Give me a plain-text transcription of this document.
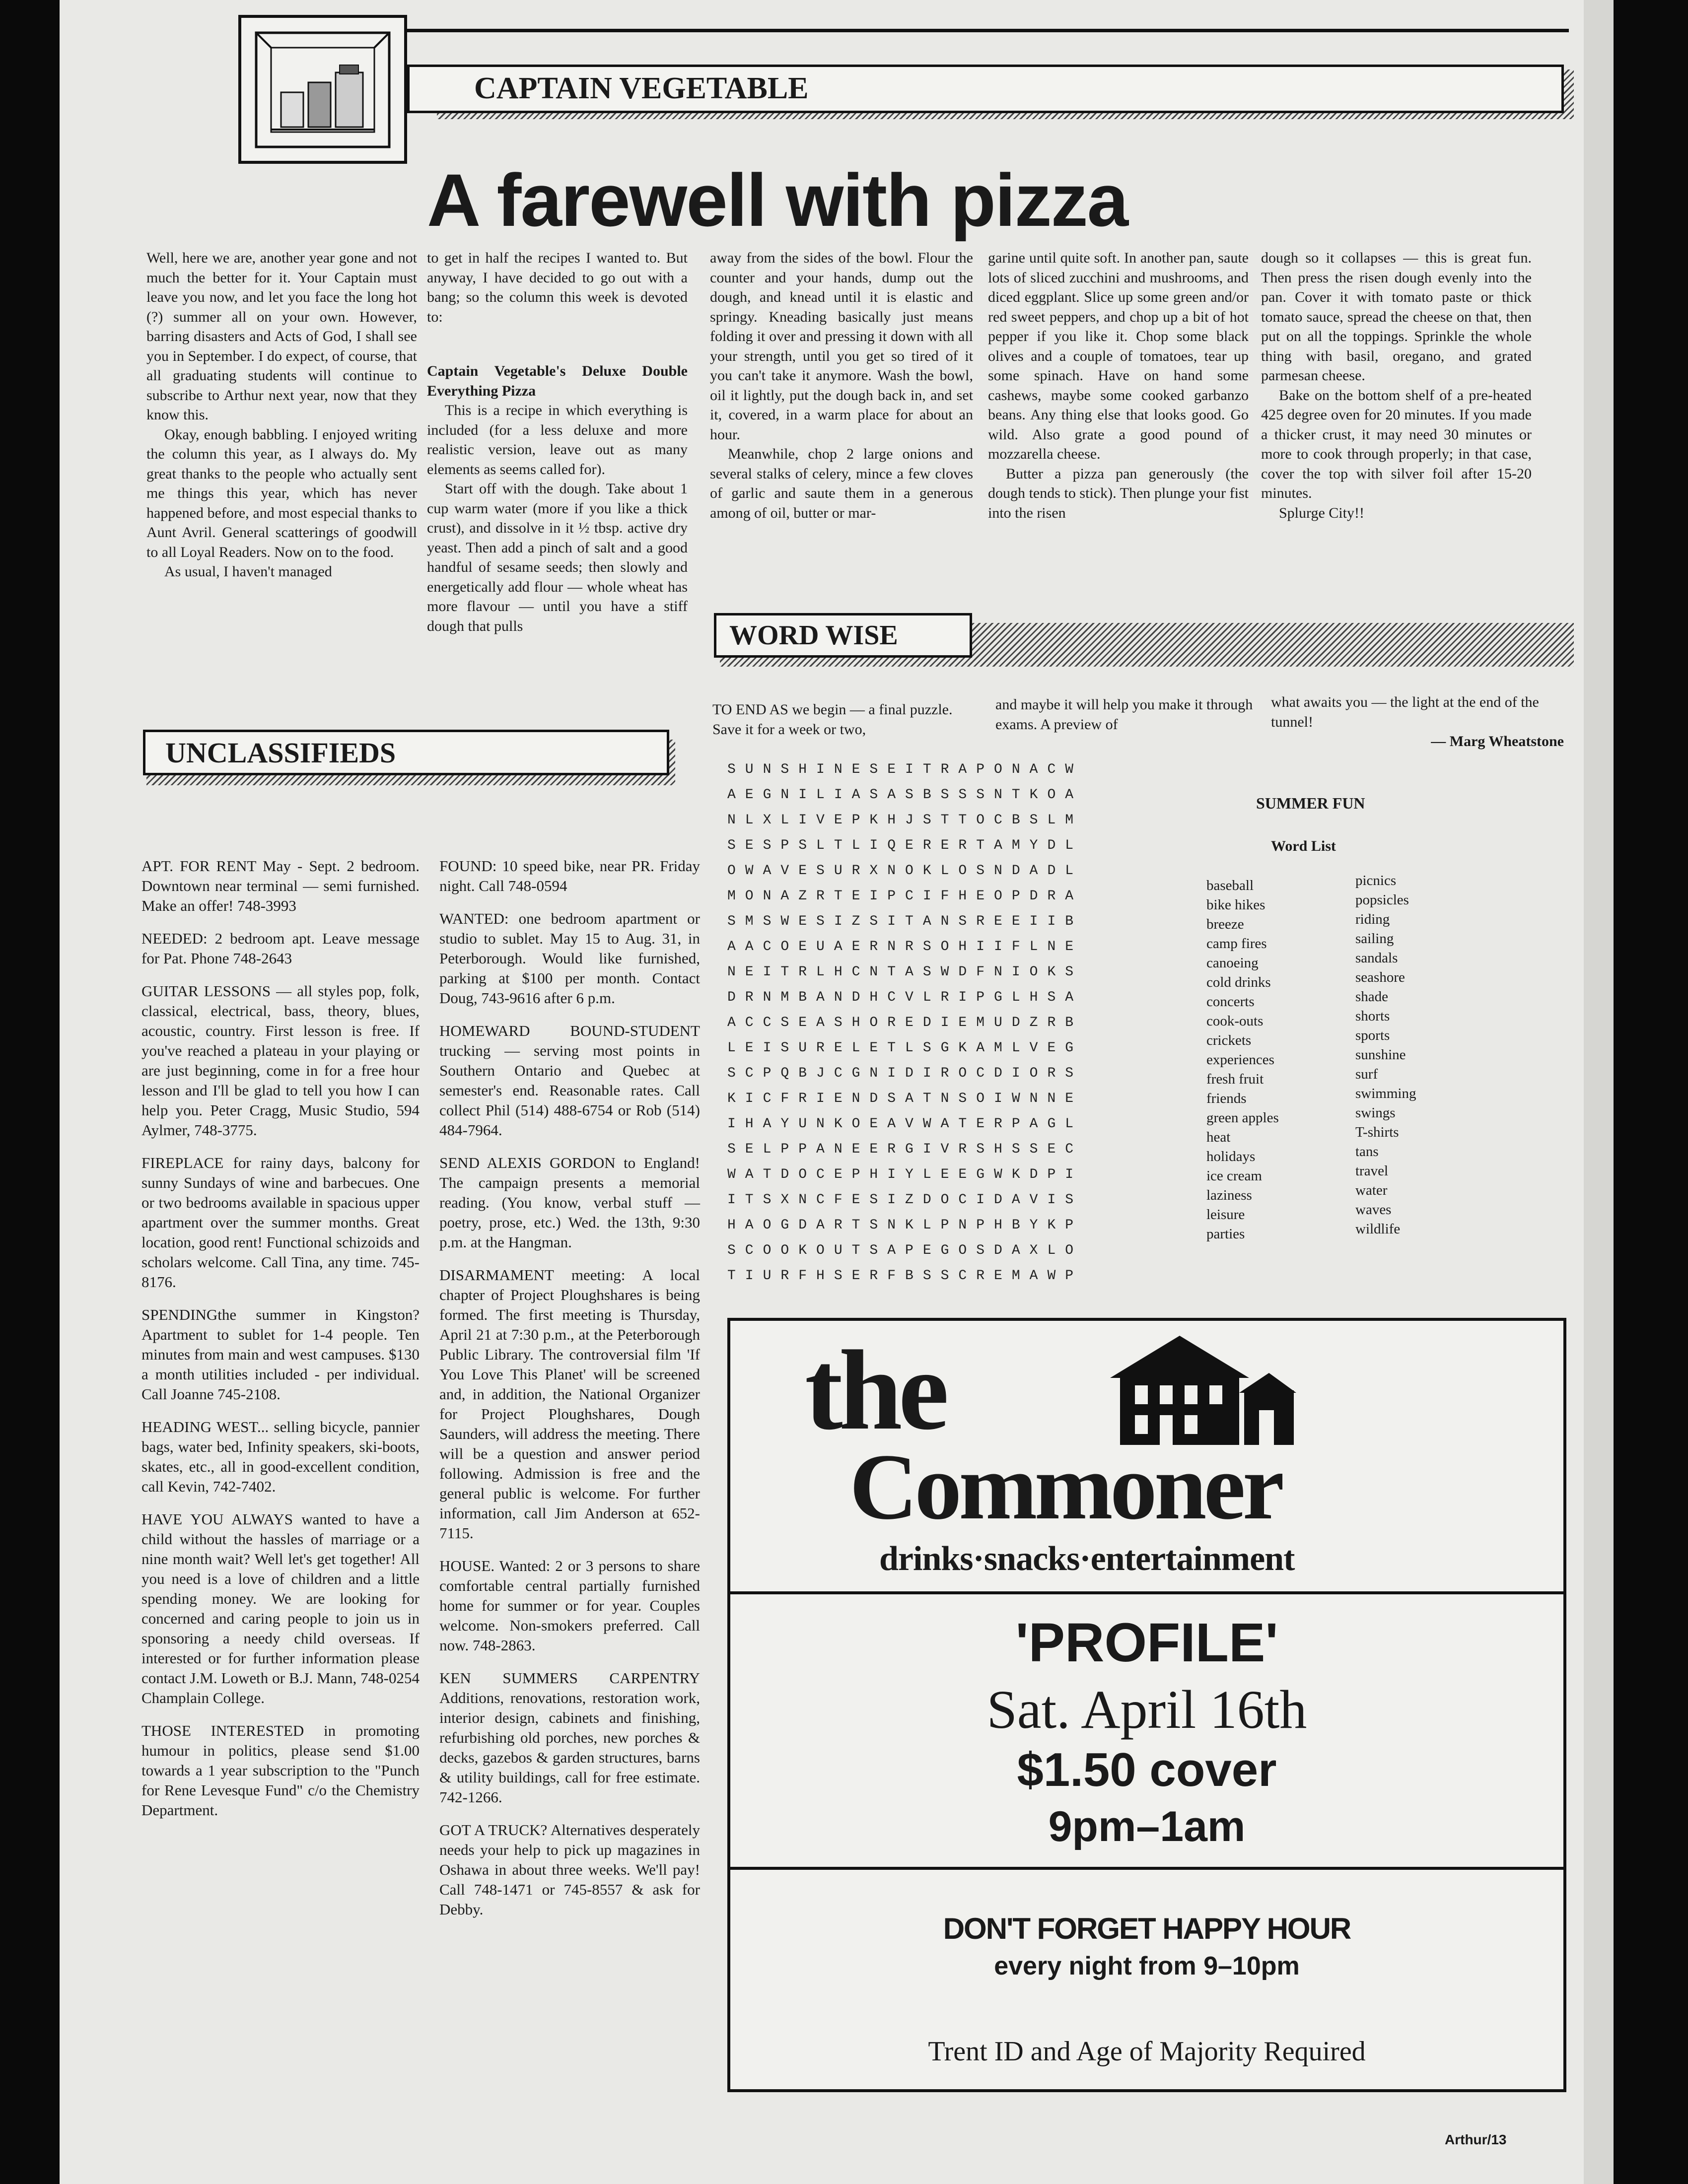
CAPTAIN VEGETABLE
A farewell with pizza

Well, here we are, another year gone and not much the better for it. Your Captain must leave you now, and let you face the long hot (?) summer all on your own. However, barring disasters and Acts of God, I shall see you in September. I do expect, of course, that all graduating students will continue to subscribe to Arthur next year, now that they know this.

Okay, enough babbling. I enjoyed writing the column this year, as I always do. My great thanks to the people who actually sent me things this year, which has never happened before, and most especial thanks to Aunt Avril. General scatterings of goodwill to all Loyal Readers. Now on to the food.

As usual, I haven't managed

to get in half the recipes I wanted to. But anyway, I have decided to go out with a bang; so the column this week is devoted to:

Captain Vegetable's Deluxe Double Everything Pizza

This is a recipe in which everything is included (for a less deluxe and more realistic version, leave out as many elements as seems called for).

Start off with the dough. Take about 1 cup warm water (more if you like a thick crust), and dissolve in it ½ tbsp. active dry yeast. Then add a pinch of salt and a good handful of sesame seeds; then slowly and energetically add flour — whole wheat has more flavour — until you have a stiff dough that pulls

away from the sides of the bowl. Flour the counter and your hands, dump out the dough, and knead until it is elastic and springy. Kneading basically just means folding it over and pressing it down with all your strength, until you get so tired of it you can't take it anymore. Wash the bowl, oil it lightly, put the dough back in, and set it, covered, in a warm place for about an hour.

Meanwhile, chop 2 large onions and several stalks of celery, mince a few cloves of garlic and saute them in a generous among of oil, butter or mar-

garine until quite soft. In another pan, saute lots of sliced zucchini and mushrooms, and diced eggplant. Slice up some green and/or red sweet peppers, and chop up a bit of hot pepper if you like it. Chop some black olives and a couple of tomatoes, tear up some spinach. Have on hand some cashews, maybe some cooked garbanzo beans. Any thing else that looks good. Go wild. Also grate a good pound of mozzarella cheese.

Butter a pizza pan generously (the dough tends to stick). Then plunge your fist into the risen

dough so it collapses — this is great fun. Then press the risen dough evenly into the pan. Cover it with tomato paste or thick tomato sauce, spread the cheese on that, then put on all the toppings. Sprinkle the whole thing with basil, oregano, and grated parmesan cheese.

Bake on the bottom shelf of a pre-heated 425 degree oven for 20 minutes. If you made a thicker crust, it may need 30 minutes or more to cook through properly; in that case, cover the top with silver foil after 15-20 minutes.

Splurge City!!

WORD WISE
UNCLASSIFIEDS

APT. FOR RENT May - Sept. 2 bedroom. Downtown near terminal — semi furnished. Make an offer! 748-3993

NEEDED: 2 bedroom apt. Leave message for Pat. Phone 748-2643

GUITAR LESSONS — all styles pop, folk, classical, electrical, bass, theory, blues, acoustic, country. First lesson is free. If you've reached a plateau in your playing or are just beginning, come in for a free hour lesson and I'll be glad to tell you how I can help you. Peter Cragg, Music Studio, 594 Aylmer, 748-3775.

FIREPLACE for rainy days, balcony for sunny Sundays of wine and barbecues. One or two bedrooms available in spacious upper apartment over the summer months. Great location, good rent! Functional schizoids and scholars welcome. Call Tina, any time. 745-8176.

SPENDINGthe summer in Kingston? Apartment to sublet for 1-4 people. Ten minutes from main and west campuses. $130 a month utilities included - per individual. Call Joanne 745-2108.

HEADING WEST... selling bicycle, pannier bags, water bed, Infinity speakers, ski-boots, skates, etc., all in good-excellent condition, call Kevin, 742-7402.

HAVE YOU ALWAYS wanted to have a child without the hassles of marriage or a nine month wait? Well let's get together! All you need is a love of children and a little spending money. We are looking for concerned and caring people to join us in sponsoring a needy child overseas. If interested or for further information please contact J.M. Loweth or B.J. Mann, 748-0254 Champlain College.

THOSE INTERESTED in promoting humour in politics, please send $1.00 towards a 1 year subscription to the "Punch for Rene Levesque Fund" c/o the Chemistry Department.

FOUND: 10 speed bike, near PR. Friday night. Call 748-0594

WANTED: one bedroom apartment or studio to sublet. May 15 to Aug. 31, in Peterborough. Would like furnished, parking at $100 per month. Contact Doug, 743-9616 after 6 p.m.

HOMEWARD BOUND-STUDENT trucking — serving most points in Southern Ontario and Quebec at semester's end. Reasonable rates. Call collect Phil (514) 488-6754 or Rob (514) 484-7964.

SEND ALEXIS GORDON to England! The campaign presents a memorial reading. (You know, verbal stuff — poetry, prose, etc.) Wed. the 13th, 9:30 p.m. at the Hangman.

DISARMAMENT meeting: A local chapter of Project Ploughshares is being formed. The first meeting is Thursday, April 21 at 7:30 p.m., at the Peterborough Public Library. The controversial film 'If You Love This Planet' will be screened and, in addition, the National Organizer for Project Ploughshares, Dough Saunders, will address the meeting. There will be a question and answer period following. Admission is free and the general public is welcome. For further information, call Jim Anderson at 652-7115.

HOUSE. Wanted: 2 or 3 persons to share comfortable central partially furnished home for summer or for year. Couples welcome. Non-smokers preferred. Call now. 748-2863.

KEN SUMMERS CARPENTRY Additions, renovations, restoration work, interior design, cabinets and finishing, refurbishing old porches, new porches & decks, gazebos & garden structures, barns & utility buildings, call for free estimate. 742-1266.

GOT A TRUCK? Alternatives desperately needs your help to pick up magazines in Oshawa in about three weeks. We'll pay! Call 748-1471 or 745-8557 & ask for Debby.

TO END AS we begin — a final puzzle. Save it for a week or two,
and maybe it will help you make it through exams. A preview of
what awaits you — the light at the end of the tunnel!
— Marg Wheatstone
SUNSHINESEITRAPONACW
AEGNILIASASBSSSNTKOA
NLXLIVEPKHJSTTOCBSLM
SESPSLTLIQERERTAMYDL
OWAVESURXNOKLOSNDADL
MONAZRTEIPCIFHEOPDRA
SMSWESIZSITANSREEIIB
AACOEUAERNRSOHIIFLNE
NEITRLHCNTASWDFNIOKS
DRNMBANDHCVLRIPGLHSA
ACCSEASHOREDIEMUDZRB
LEISURELETLSGKAMLVEG
SCPQBJCGNIDIROCDIORS
KICFRIENDSATNSOIWNNE
IHAYUNKOEAVWATERPAGL
SELPPANEERGIVRSHSSEC
WATDOCEPHIYLEEGWKDPI
ITSXNCFESIZDOCIDAVIS
HAOGDARTSNKLPNPHBYKP
SCOOKOUTSAPEGOSDAXLO
TIURFHSERFBSSCREMAWP
SUMMER FUN
Word List
baseball
bike hikes
breeze
camp fires
canoeing
cold drinks
concerts
cook-outs
crickets
experiences
fresh fruit
friends
green apples
heat
holidays
ice cream
laziness
leisure
parties
picnics
popsicles
riding
sailing
sandals
seashore
shade
shorts
sports
sunshine
surf
swimming
swings
T-shirts
tans
travel
water
waves
wildlife
the
Commoner
drinks·snacks·entertainment
'PROFILE'
Sat. April 16th
$1.50 cover
9pm–1am
DON'T FORGET HAPPY HOUR
every night from 9–10pm
Trent ID and Age of Majority Required
Arthur/13
